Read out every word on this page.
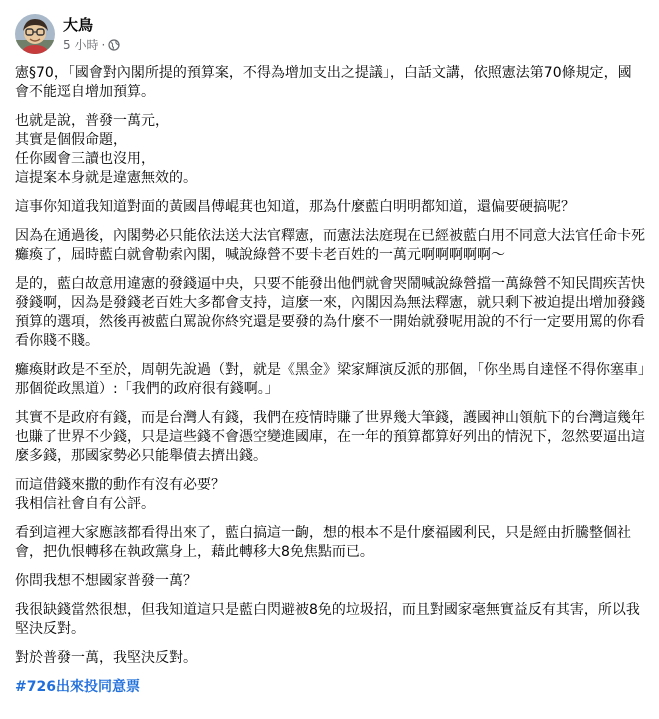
大鳥
5 小時 ·

憲§70，「國會對內閣所提的預算案，不得為增加支出之提議」，白話文講，依照憲法第70條規定，國會不能逕自增加預算。

也就是說，普發一萬元，
其實是個假命題，
任你國會三讀也沒用，
這提案本身就是違憲無效的。

這事你知道我知道對面的黃國昌傅崐萁也知道，那為什麼藍白明明都知道，還偏要硬搞呢？

因為在通過後，內閣勢必只能依法送大法官釋憲，而憲法法庭現在已經被藍白用不同意大法官任命卡死癱瘓了，屆時藍白就會勒索內閣，喊說綠營不要卡老百姓的一萬元啊啊啊啊啊～

是的，藍白故意用違憲的發錢逼中央，只要不能發出他們就會哭鬧喊說綠營擋一萬綠營不知民間疾苦快發錢啊，因為是發錢老百姓大多都會支持，這麼一來，內閣因為無法釋憲，就只剩下被迫提出增加發錢預算的選項，然後再被藍白罵說你終究還是要發的為什麼不一開始就發呢用說的不行一定要用罵的你看看你賤不賤。

癱瘓財政是不至於，周朝先說過（對，就是《黑金》梁家輝演反派的那個，「你坐馬自達怪不得你塞車」那個從政黑道）:「我們的政府很有錢啊。」

其實不是政府有錢，而是台灣人有錢，我們在疫情時賺了世界幾大筆錢，護國神山領航下的台灣這幾年也賺了世界不少錢，只是這些錢不會憑空變進國庫，在一年的預算都算好列出的情況下，忽然要逼出這麼多錢，那國家勢必只能舉債去擠出錢。

而這借錢來撒的動作有沒有必要？
我相信社會自有公評。

看到這裡大家應該都看得出來了，藍白搞這一齣，想的根本不是什麼福國利民，只是經由折騰整個社會，把仇恨轉移在執政黨身上，藉此轉移大8免焦點而已。

你問我想不想國家普發一萬？

我很缺錢當然很想，但我知道這只是藍白閃避被8免的垃圾招，而且對國家毫無實益反有其害，所以我堅決反對。

對於普發一萬，我堅決反對。

#726出來投同意票
